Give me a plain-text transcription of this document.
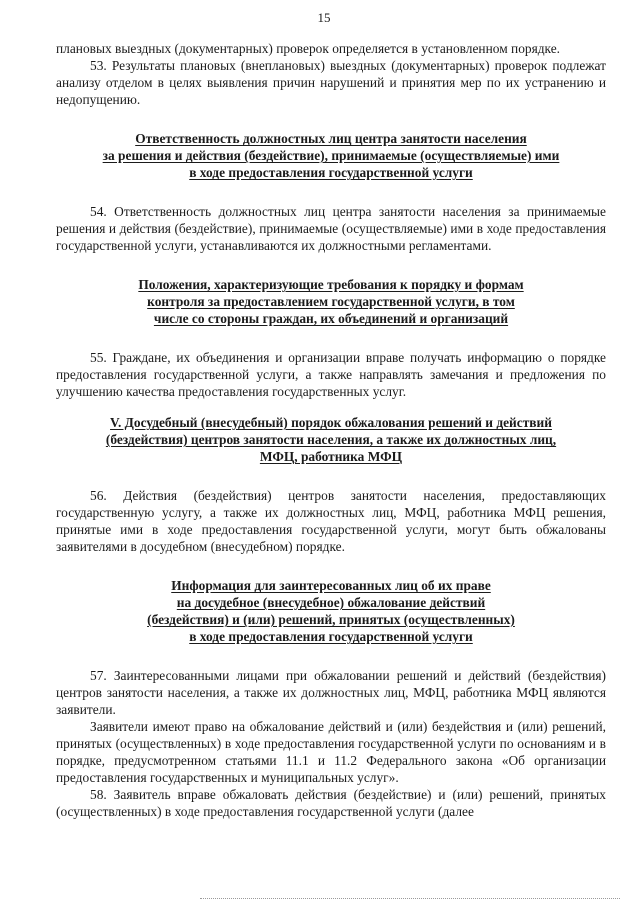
15

плановых выездных (документарных) проверок определяется в установленном порядке.

53. Результаты плановых (внеплановых) выездных (документарных) проверок подлежат анализу отделом в целях выявления причин нарушений и принятия мер по их устранению и недопущению.

Ответственность должностных лиц центра занятости населения
за решения и действия (бездействие), принимаемые (осуществляемые) ими
в ходе предоставления государственной услуги

54. Ответственность должностных лиц центра занятости населения за принимаемые решения и действия (бездействие), принимаемые (осуществляемые) ими в ходе предоставления государственной услуги, устанавливаются их должностными регламентами.

Положения, характеризующие требования к порядку и формам
контроля за предоставлением государственной услуги, в том
числе со стороны граждан, их объединений и организаций

55. Граждане, их объединения и организации вправе получать информацию о порядке предоставления государственной услуги, а также направлять замечания и предложения по улучшению качества предоставления государственных услуг.

V. Досудебный (внесудебный) порядок обжалования решений и действий
(бездействия) центров занятости населения, а также их должностных лиц,
МФЦ, работника МФЦ

56. Действия (бездействия) центров занятости населения, предоставляющих государственную услугу, а также их должностных лиц, МФЦ, работника МФЦ решения, принятые ими в ходе предоставления государственной услуги, могут быть обжалованы заявителями в досудебном (внесудебном) порядке.

Информация для заинтересованных лиц об их праве
на досудебное (внесудебное) обжалование действий
(бездействия) и (или) решений, принятых (осуществленных)
в ходе предоставления государственной услуги

57. Заинтересованными лицами при обжаловании решений и действий (бездействия) центров занятости населения, а также их должностных лиц, МФЦ, работника МФЦ являются заявители.

Заявители имеют право на обжалование действий и (или) бездействия и (или) решений, принятых (осуществленных) в ходе предоставления государственной услуги по основаниям и в порядке, предусмотренном статьями 11.1 и 11.2 Федерального закона «Об организации предоставления государственных и муниципальных услуг».

58. Заявитель вправе обжаловать действия (бездействие) и (или) решений, принятых (осуществленных) в ходе предоставления государственной услуги (далее
